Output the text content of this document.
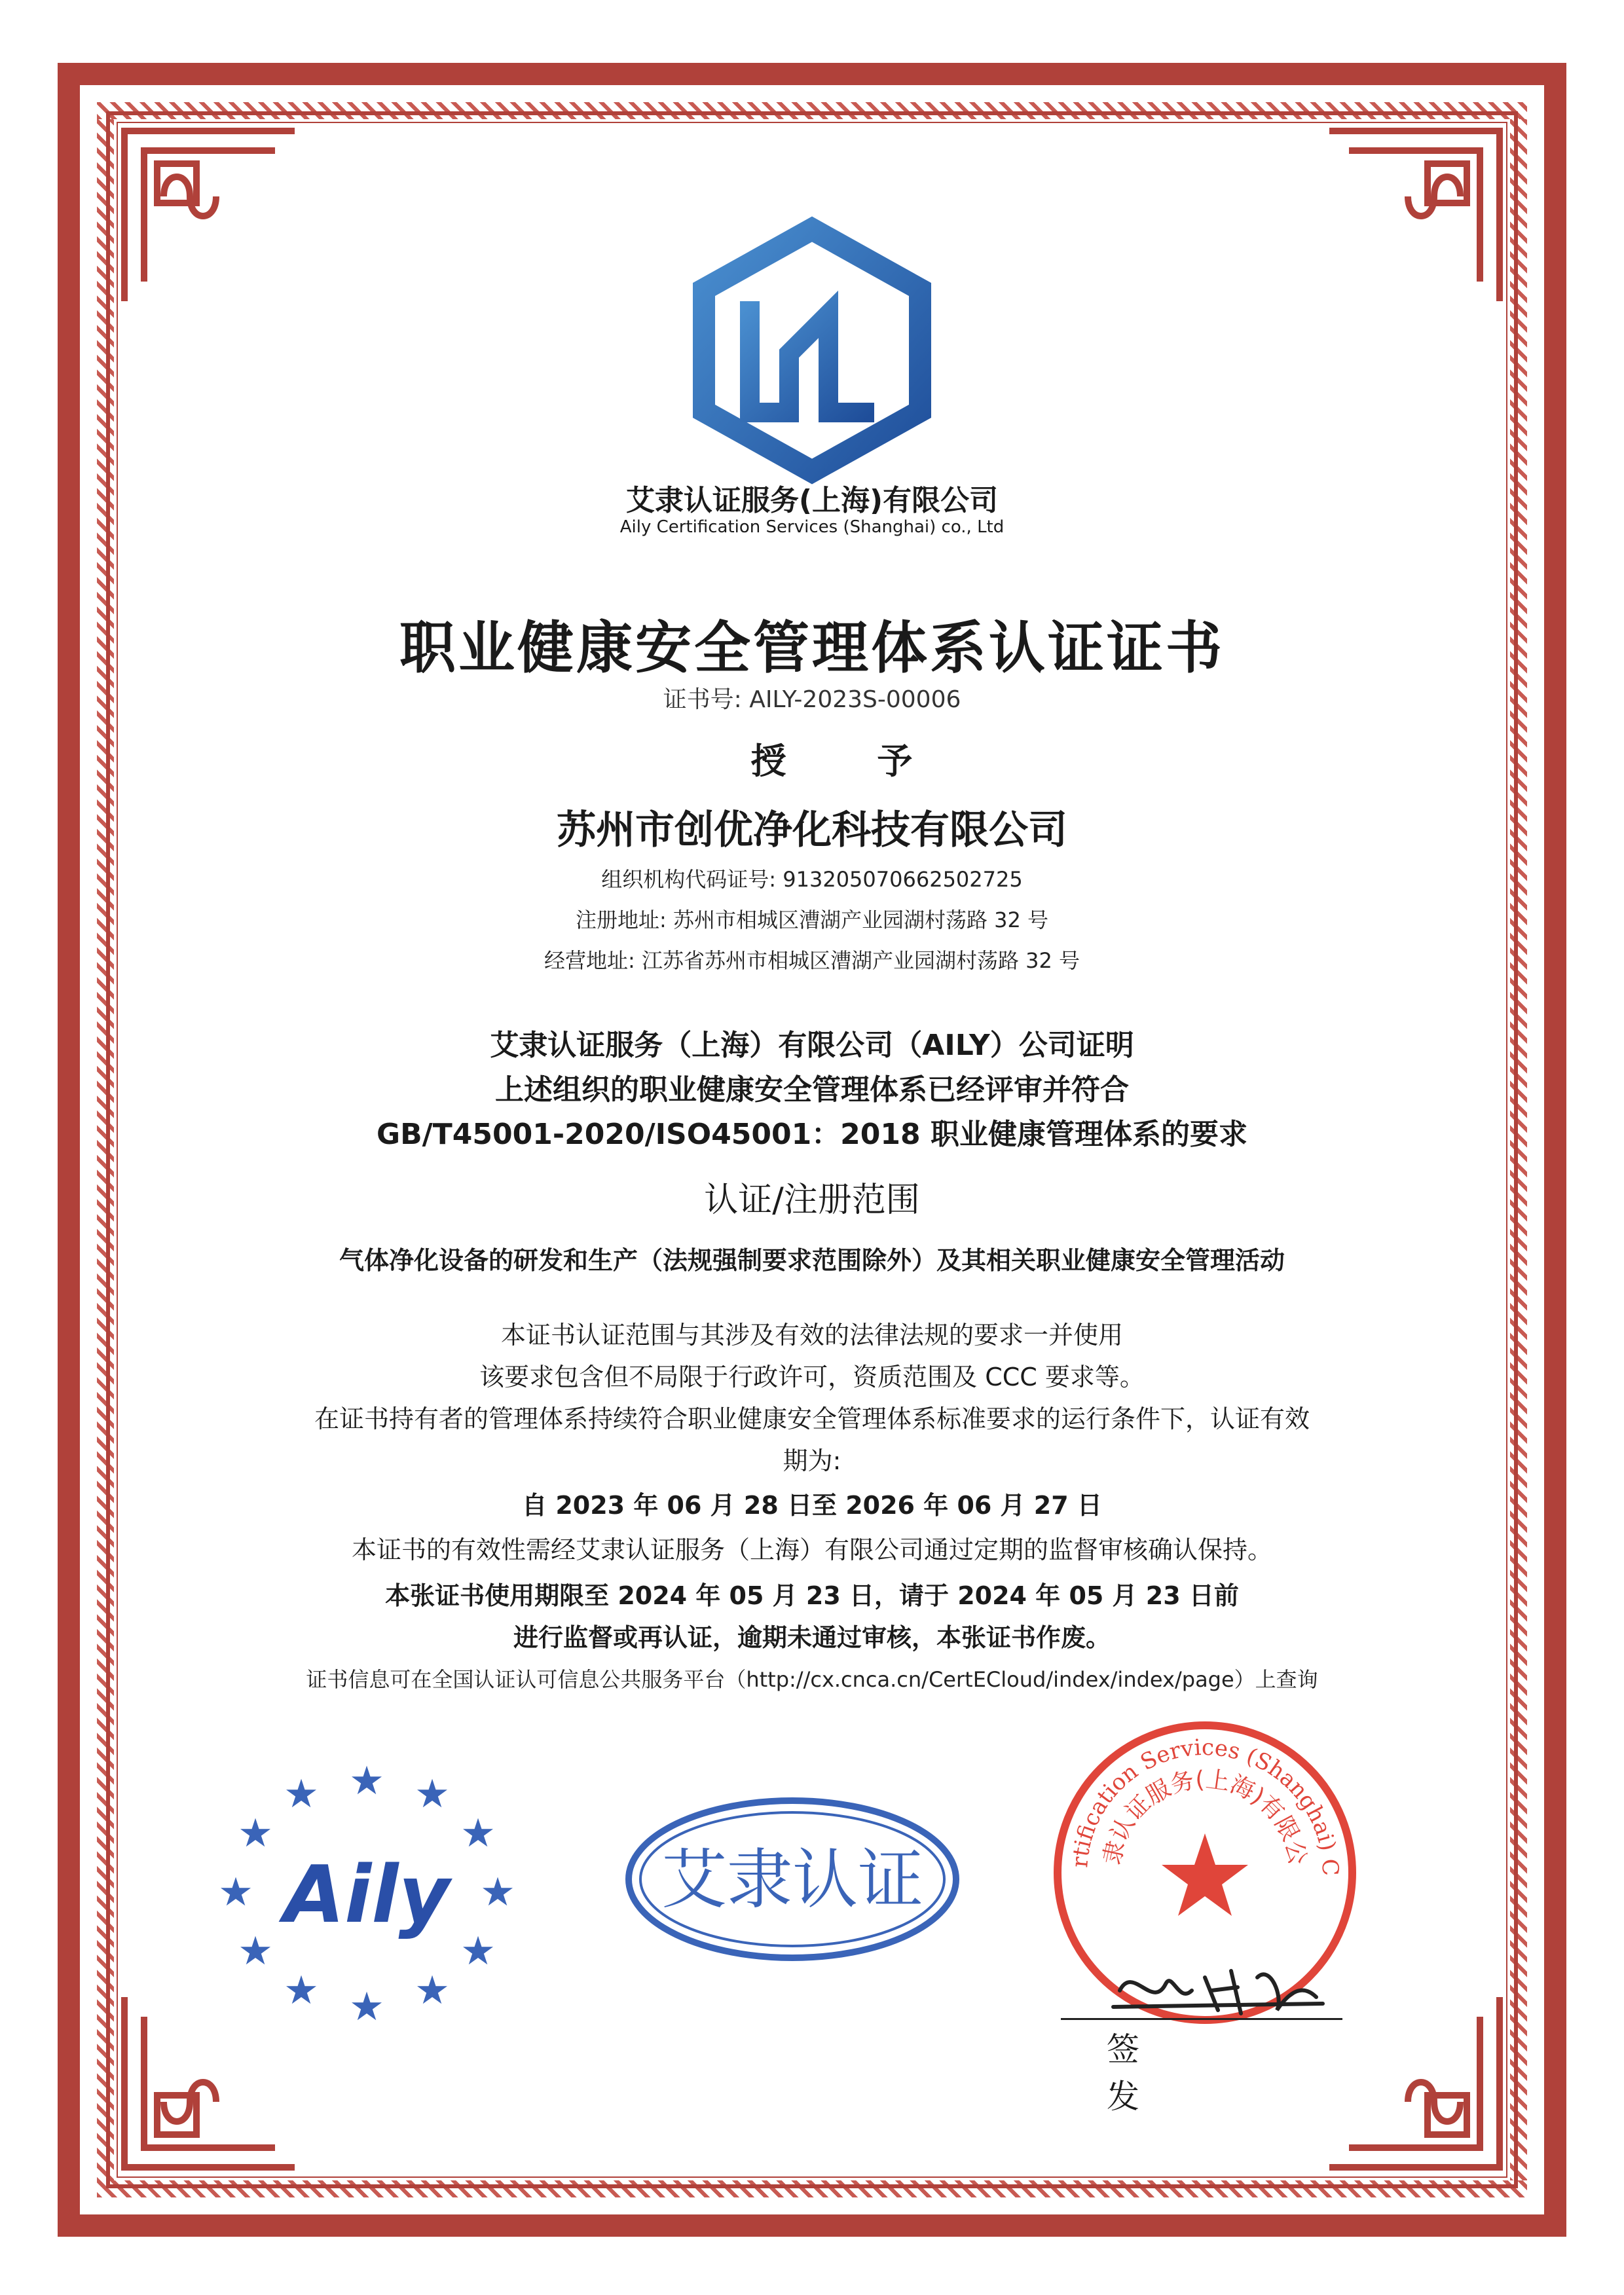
艾隶认证服务(上海)有限公司
Aily Certification Services (Shanghai) co., Ltd
职业健康安全管理体系认证证书
证书号: AILY-2023S-00006
授 予
苏州市创优净化科技有限公司
组织机构代码证号: 913205070662502725
注册地址: 苏州市相城区漕湖产业园湖村荡路 32 号
经营地址: 江苏省苏州市相城区漕湖产业园湖村荡路 32 号
艾隶认证服务（上海）有限公司（AILY）公司证明
上述组织的职业健康安全管理体系已经评审并符合
GB/T45001-2020/ISO45001：2018 职业健康管理体系的要求
认证/注册范围
气体净化设备的研发和生产（法规强制要求范围除外）及其相关职业健康安全管理活动
本证书认证范围与其涉及有效的法律法规的要求一并使用
该要求包含但不局限于行政许可，资质范围及 CCC 要求等。
在证书持有者的管理体系持续符合职业健康安全管理体系标准要求的运行条件下，认证有效
期为:
自 2023 年 06 月 28 日至 2026 年 06 月 27 日
本证书的有效性需经艾隶认证服务（上海）有限公司通过定期的监督审核确认保持。
本张证书使用期限至 2024 年 05 月 23 日，请于 2024 年 05 月 23 日前
进行监督或再认证，逾期未通过审核，本张证书作废。
证书信息可在全国认证认可信息公共服务平台（http://cx.cnca.cn/CertECloud/index/index/page）上查询
★
★ ★
★	★
★	★
★	★
★ ★
★
Aily	艾隶认证
Certification Services (Shanghai) C
隶认证服务(上海)有限公
签 发
